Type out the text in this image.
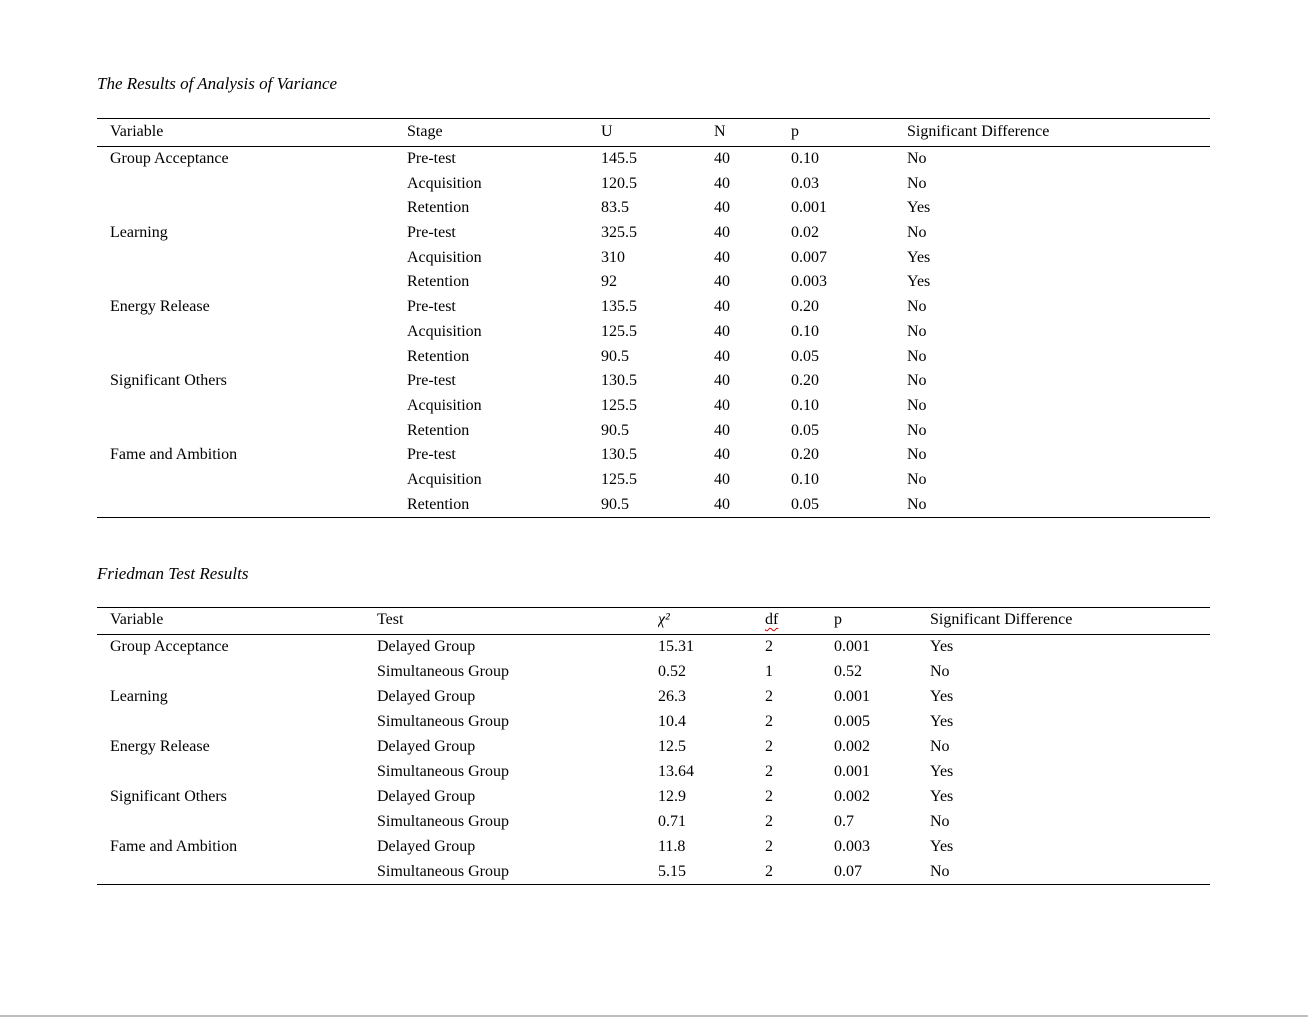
The Results of Analysis of Variance
Variable	Stage	U	N	p	Significant Difference
Group Acceptance	Pre-test	145.5	40	0.10	No
	Acquisition	120.5	40	0.03	No
	Retention	83.5	40	0.001	Yes
Learning	Pre-test	325.5	40	0.02	No
	Acquisition	310	40	0.007	Yes
	Retention	92	40	0.003	Yes
Energy Release	Pre-test	135.5	40	0.20	No
	Acquisition	125.5	40	0.10	No
	Retention	90.5	40	0.05	No
Significant Others	Pre-test	130.5	40	0.20	No
	Acquisition	125.5	40	0.10	No
	Retention	90.5	40	0.05	No
Fame and Ambition	Pre-test	130.5	40	0.20	No
	Acquisition	125.5	40	0.10	No
	Retention	90.5	40	0.05	No
Friedman Test Results
Variable	Test	χ²	df	p	Significant Difference
Group Acceptance	Delayed Group	15.31	2	0.001	Yes
	Simultaneous Group	0.52	1	0.52	No
Learning	Delayed Group	26.3	2	0.001	Yes
	Simultaneous Group	10.4	2	0.005	Yes
Energy Release	Delayed Group	12.5	2	0.002	No
	Simultaneous Group	13.64	2	0.001	Yes
Significant Others	Delayed Group	12.9	2	0.002	Yes
	Simultaneous Group	0.71	2	0.7	No
Fame and Ambition	Delayed Group	11.8	2	0.003	Yes
	Simultaneous Group	5.15	2	0.07	No
